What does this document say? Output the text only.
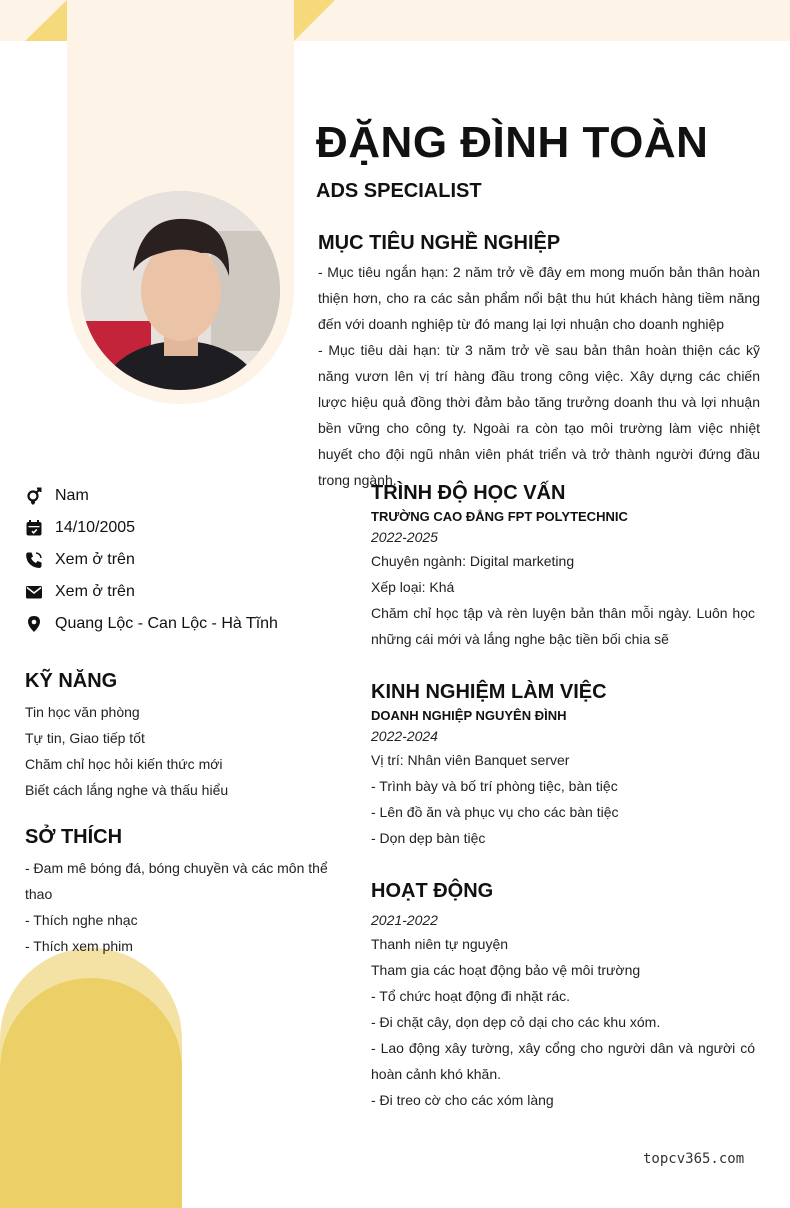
ĐẶNG ĐÌNH TOÀN

ADS SPECIALIST

MỤC TIÊU NGHỀ NGHIỆP

- Mục tiêu ngắn hạn: 2 năm trở về đây em mong muốn bản thân hoàn thiện hơn, cho ra các sản phẩm nổi bật thu hút khách hàng tiềm năng đến với doanh nghiệp từ đó mang lại lợi nhuận cho doanh nghiệp

- Mục tiêu dài hạn: từ 3 năm trở về sau bản thân hoàn thiện các kỹ năng vươn lên vị trí hàng đầu trong công việc. Xây dựng các chiến lược hiệu quả đồng thời đảm bảo tăng trưởng doanh thu và lợi nhuận bền vững cho công ty. Ngoài ra còn tạo môi trường làm việc nhiệt huyết cho đội ngũ nhân viên phát triển và trở thành người đứng đầu trong ngành.

Nam
14/10/2005
Xem ở trên
Xem ở trên
Quang Lộc - Can Lộc - Hà Tĩnh
KỸ NĂNG

Tin học văn phòng

Tự tin, Giao tiếp tốt

Chăm chỉ học hỏi kiến thức mới

Biết cách lắng nghe và thấu hiểu

SỞ THÍCH

- Đam mê bóng đá, bóng chuyền và các môn thể thao

- Thích nghe nhạc

- Thích xem phim

TRÌNH ĐỘ HỌC VẤN

TRƯỜNG CAO ĐẲNG FPT POLYTECHNIC

2022-2025

Chuyên ngành: Digital marketing

Xếp loại: Khá

Chăm chỉ học tập và rèn luyện bản thân mỗi ngày. Luôn học những cái mới và lắng nghe bậc tiền bối chia sẽ

KINH NGHIỆM LÀM VIỆC

DOANH NGHIỆP NGUYÊN ĐÌNH

2022-2024

Vị trí: Nhân viên Banquet server

- Trình bày và bố trí phòng tiệc, bàn tiệc

- Lên đồ ăn và phục vụ cho các bàn tiệc

- Dọn dẹp bàn tiệc

HOẠT ĐỘNG

2021-2022

Thanh niên tự nguyện

Tham gia các hoạt động bảo vệ môi trường

- Tổ chức hoạt động đi nhặt rác.

- Đi chặt cây, dọn dẹp cỏ dại cho các khu xóm.

- Lao động xây tường, xây cổng cho người dân và người có hoàn cảnh khó khăn.

- Đi treo cờ cho các xóm làng

topcv365.com
